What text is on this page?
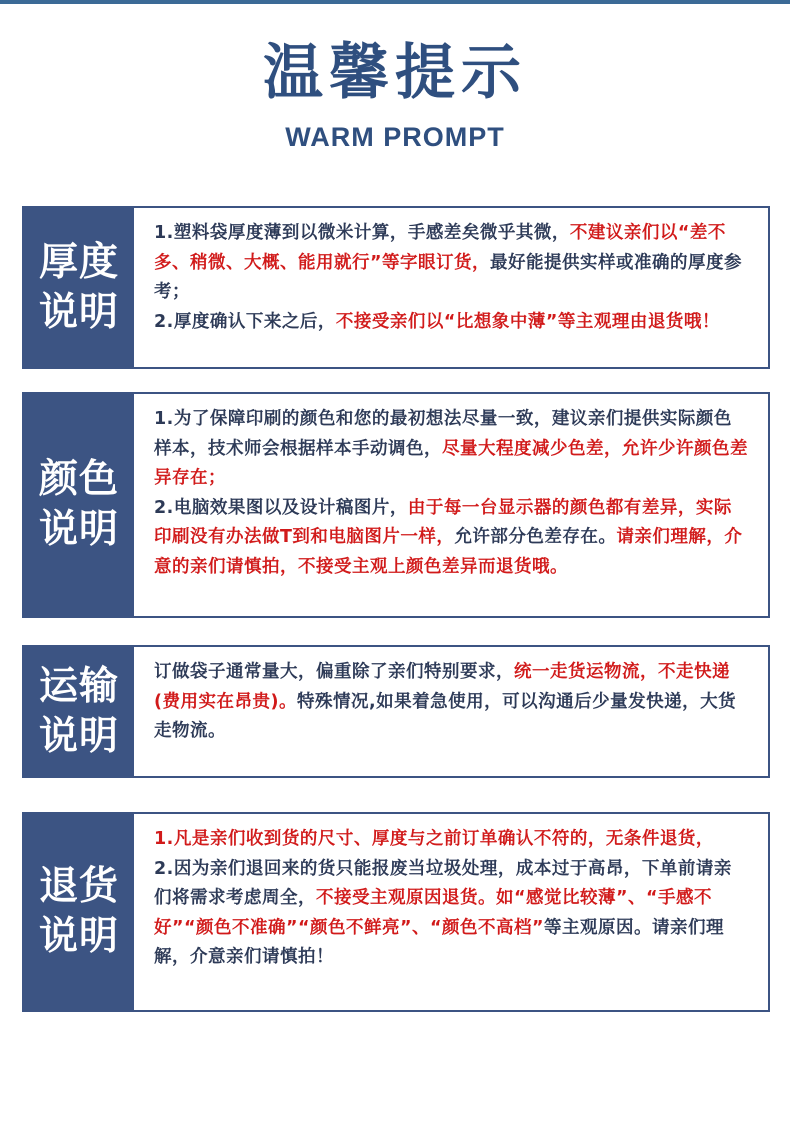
温馨提示
WARM PROMPT
厚度
说明

1.塑料袋厚度薄到以微米计算，手感差矣微乎其微，不建议亲们以“差不多、稍微、大概、能用就行”等字眼订货，最好能提供实样或准确的厚度参考；

2.厚度确认下来之后，不接受亲们以“比想象中薄”等主观理由退货哦！

颜色
说明

1.为了保障印刷的颜色和您的最初想法尽量一致，建议亲们提供实际颜色样本，技术师会根据样本手动调色，尽量大程度减少色差，允许少许颜色差异存在；

2.电脑效果图以及设计稿图片，由于每一台显示器的颜色都有差异，实际印刷没有办法做T到和电脑图片一样，允许部分色差存在。请亲们理解，介意的亲们请慎拍，不接受主观上颜色差异而退货哦。

运输
说明

订做袋子通常量大，偏重除了亲们特别要求，统一走货运物流，不走快递(费用实在昂贵)。特殊情况,如果着急使用，可以沟通后少量发快递，大货走物流。

退货
说明

1.凡是亲们收到货的尺寸、厚度与之前订单确认不符的，无条件退货，

2.因为亲们退回来的货只能报废当垃圾处理，成本过于高昂，下单前请亲们将需求考虑周全，不接受主观原因退货。如“感觉比较薄”、“手感不好”“颜色不准确”“颜色不鲜亮”、“颜色不高档”等主观原因。请亲们理解，介意亲们请慎拍！
